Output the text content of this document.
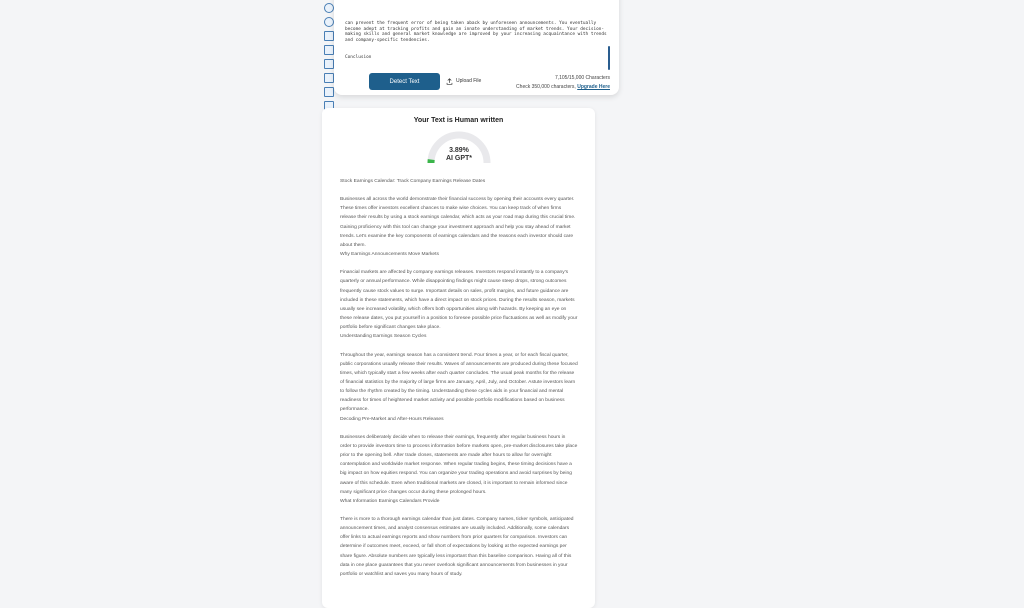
can prevent the frequent error of being taken aback by unforeseen announcements. You eventually become adept at tracking profits and gain an innate understanding of market trends. Your decision-making skills and general market knowledge are improved by your increasing acquaintance with trends and company-specific tendencies.

Conclusion

Detect Text	Upload File	7,105/15,000 Characters
Check 350,000 characters, Upgrade Here
Your Text is Human written
3.89%
AI GPT*

Stock Earnings Calendar: Track Company Earnings Release Dates

Businesses all across the world demonstrate their financial success by opening their accounts every quarter. These times offer investors excellent chances to make wise choices. You can keep track of when firms release their results by using a stock earnings calendar, which acts as your road map during this crucial time. Gaining proficiency with this tool can change your investment approach and help you stay ahead of market trends. Let's examine the key components of earnings calendars and the reasons each investor should care about them.

Why Earnings Announcements Move Markets

Financial markets are affected by company earnings releases. Investors respond instantly to a company's quarterly or annual performance. While disappointing findings might cause steep drops, strong outcomes frequently cause stock values to surge. Important details on sales, profit margins, and future guidance are included in these statements, which have a direct impact on stock prices. During the results season, markets usually see increased volatility, which offers both opportunities along with hazards. By keeping an eye on these release dates, you put yourself in a position to foresee possible price fluctuations as well as modify your portfolio before significant changes take place.

Understanding Earnings Season Cycles

Throughout the year, earnings season has a consistent trend. Four times a year, or for each fiscal quarter, public corporations usually release their results. Waves of announcements are produced during these focused times, which typically start a few weeks after each quarter concludes. The usual peak months for the release of financial statistics by the majority of large firms are January, April, July, and October. Astute investors learn to follow the rhythm created by the timing. Understanding these cycles aids in your financial and mental readiness for times of heightened market activity and possible portfolio modifications based on business performance.

Decoding Pre-Market and After-Hours Releases

Businesses deliberately decide when to release their earnings, frequently after regular business hours in order to provide investors time to process information before markets open, pre-market disclosures take place prior to the opening bell. After trade closes, statements are made after hours to allow for overnight contemplation and worldwide market response. When regular trading begins, these timing decisions have a big impact on how equities respond. You can organize your trading operations and avoid surprises by being aware of this schedule. Even when traditional markets are closed, it is important to remain informed since many significant price changes occur during these prolonged hours.

What Information Earnings Calendars Provide

There is more to a thorough earnings calendar than just dates. Company names, ticker symbols, anticipated announcement times, and analyst consensus estimates are usually included. Additionally, some calendars offer links to actual earnings reports and show numbers from prior quarters for comparison. Investors can determine if outcomes meet, exceed, or fall short of expectations by looking at the expected earnings per share figure. Absolute numbers are typically less important than this baseline comparison. Having all of this data in one place guarantees that you never overlook significant announcements from businesses in your portfolio or watchlist and saves you many hours of study.
